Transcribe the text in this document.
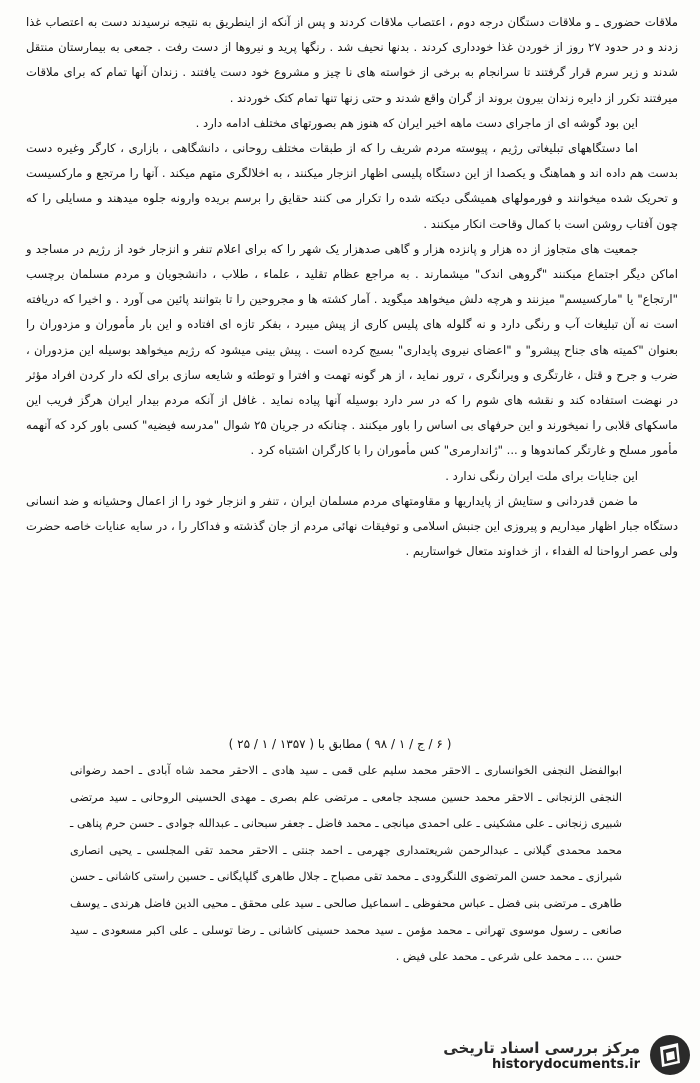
ملاقات حضوری ـ و ملاقات دستگان درجه دوم ، اعتصاب ملاقات کردند و پس از آنکه از اینطریق به نتیجه نرسیدند دست به اعتصاب غذا زدند و در حدود ۲۷ روز از خوردن غذا خودداری کردند . بدنها نحیف شد . رنگها پرید و نیروها از دست رفت . جمعی به بیمارستان منتقل شدند و زیر سرم قرار گرفتند تا سرانجام به برخی از خواسته های نا چیز و مشروع خود دست یافتند . زندان آنها تمام که برای ملاقات میرفتند تکرر از دایره زندان بیرون بروند از گران واقع شدند و حتی زنها تنها تمام کتک خوردند .

این بود گوشه ای از ماجرای دست ماهه اخیر ایران که هنوز هم بصورتهای مختلف ادامه دارد .

اما دستگاههای تبلیغاتی رژیم ، پیوسته مردم شریف را که از طبقات مختلف روحانی ، دانشگاهی ، بازاری ، کارگر وغیره دست بدست هم داده اند و هماهنگ و یکصدا از این دستگاه پلیسی اظهار انزجار میکنند ، به اخلالگری متهم میکند . آنها را مرتجع و مارکسیست و تحریک شده میخوانند و فورمولهای همیشگی دیکته شده را تکرار می کنند حقایق را برسم بریده وارونه جلوه میدهند و مسایلی را که چون آفتاب روشن است با کمال وقاحت انکار میکنند .

جمعیت های متجاوز از ده هزار و پانزده هزار و گاهی صدهزار یک شهر را که برای اعلام تنفر و انزجار خود از رژیم در مساجد و اماکن دیگر اجتماع میکنند "گروهی اندک" میشمارند . به مراجع عظام تقلید ، علماء ، طلاب ، دانشجویان و مردم مسلمان برچسب "ارتجاع" یا "مارکسیسم" میزنند و هرچه دلش میخواهد میگوید . آمار کشته ها و مجروحین را تا بتوانند پائین می آورد . و اخیرا که دریافته است نه آن تبلیغات آب و رنگی دارد و نه گلوله های پلیس کاری از پیش میبرد ، بفکر تازه ای افتاده و این بار مأموران و مزدوران را بعنوان "کمیته های جناح پیشرو" و "اعضای نیروی پایداری" بسیج کرده است . پیش بینی میشود که رژیم میخواهد بوسیله این مزدوران ، ضرب و جرح و قتل ، غارتگری و ویرانگری ، ترور نماید ، از هر گونه تهمت و افترا و توطئه و شایعه سازی برای لکه دار کردن افراد مؤثر در نهضت استفاده کند و نقشه های شوم را که در سر دارد بوسیله آنها پیاده نماید . غافل از آنکه مردم بیدار ایران هرگز فریب این ماسکهای قلابی را نمیخورند و این حرفهای بی اساس را باور میکنند . چنانکه در جریان ۲۵ شوال "مدرسه فیضیه" کسی باور کرد که آنهمه مأمور مسلح و غارتگر کماندوها و ... "ژاندارمری" کس مأموران را با کارگران اشتباه کرد .

این جنایات برای ملت ایران رنگی ندارد .

ما ضمن قدردانی و ستایش از پایداریها و مقاومتهای مردم مسلمان ایران ، تنفر و انزجار خود را از اعمال وحشیانه و ضد انسانی دستگاه جبار اظهار میداریم و پیروزی این جنبش اسلامی و توفیقات نهائی مردم از جان گذشته و فداکار را ، در سایه عنایات خاصه حضرت ولی عصر ارواحنا له الفداء ، از خداوند متعال خواستاریم .

( ۶ / ج / ۱ / ۹۸ ) مطابق با ( ۱۳۵۷ / ۱ / ۲۵ )
ابوالفضل النجفی الخوانساری ـ الاحقر محمد سلیم علی قمی ـ سید هادی ـ الاحقر محمد شاه آبادی ـ احمد رضوانی النجفی الزنجانی ـ الاحقر محمد حسین مسجد جامعی ـ مرتضی علم بصری ـ مهدی الحسینی الروحانی ـ سید مرتضی شبیری زنجانی ـ علی مشکینی ـ علی احمدی میانجی ـ محمد فاضل ـ جعفر سبحانی ـ عبدالله جوادی ـ حسن حرم پناهی ـ محمد محمدی گیلانی ـ عبدالرحمن شریعتمداری جهرمی ـ احمد جنتی ـ الاحقر محمد تقی المجلسی ـ یحیی انصاری شیرازی ـ محمد حسن المرتضوی اللنگرودی ـ محمد تقی مصباح ـ جلال طاهری گلپایگانی ـ حسین راستی کاشانی ـ حسن طاهری ـ مرتضی بنی فضل ـ عباس محفوظی ـ اسماعیل صالحی ـ سید علی محقق ـ محیی الدین فاضل هرندی ـ یوسف صانعی ـ رسول موسوی تهرانی ـ محمد مؤمن ـ سید محمد حسینی کاشانی ـ رضا توسلی ـ علی اکبر مسعودی ـ سید حسن ... ـ محمد علی شرعی ـ محمد علی فیض .
مرکز بررسی اسناد تاریخی
historydocuments.ir
